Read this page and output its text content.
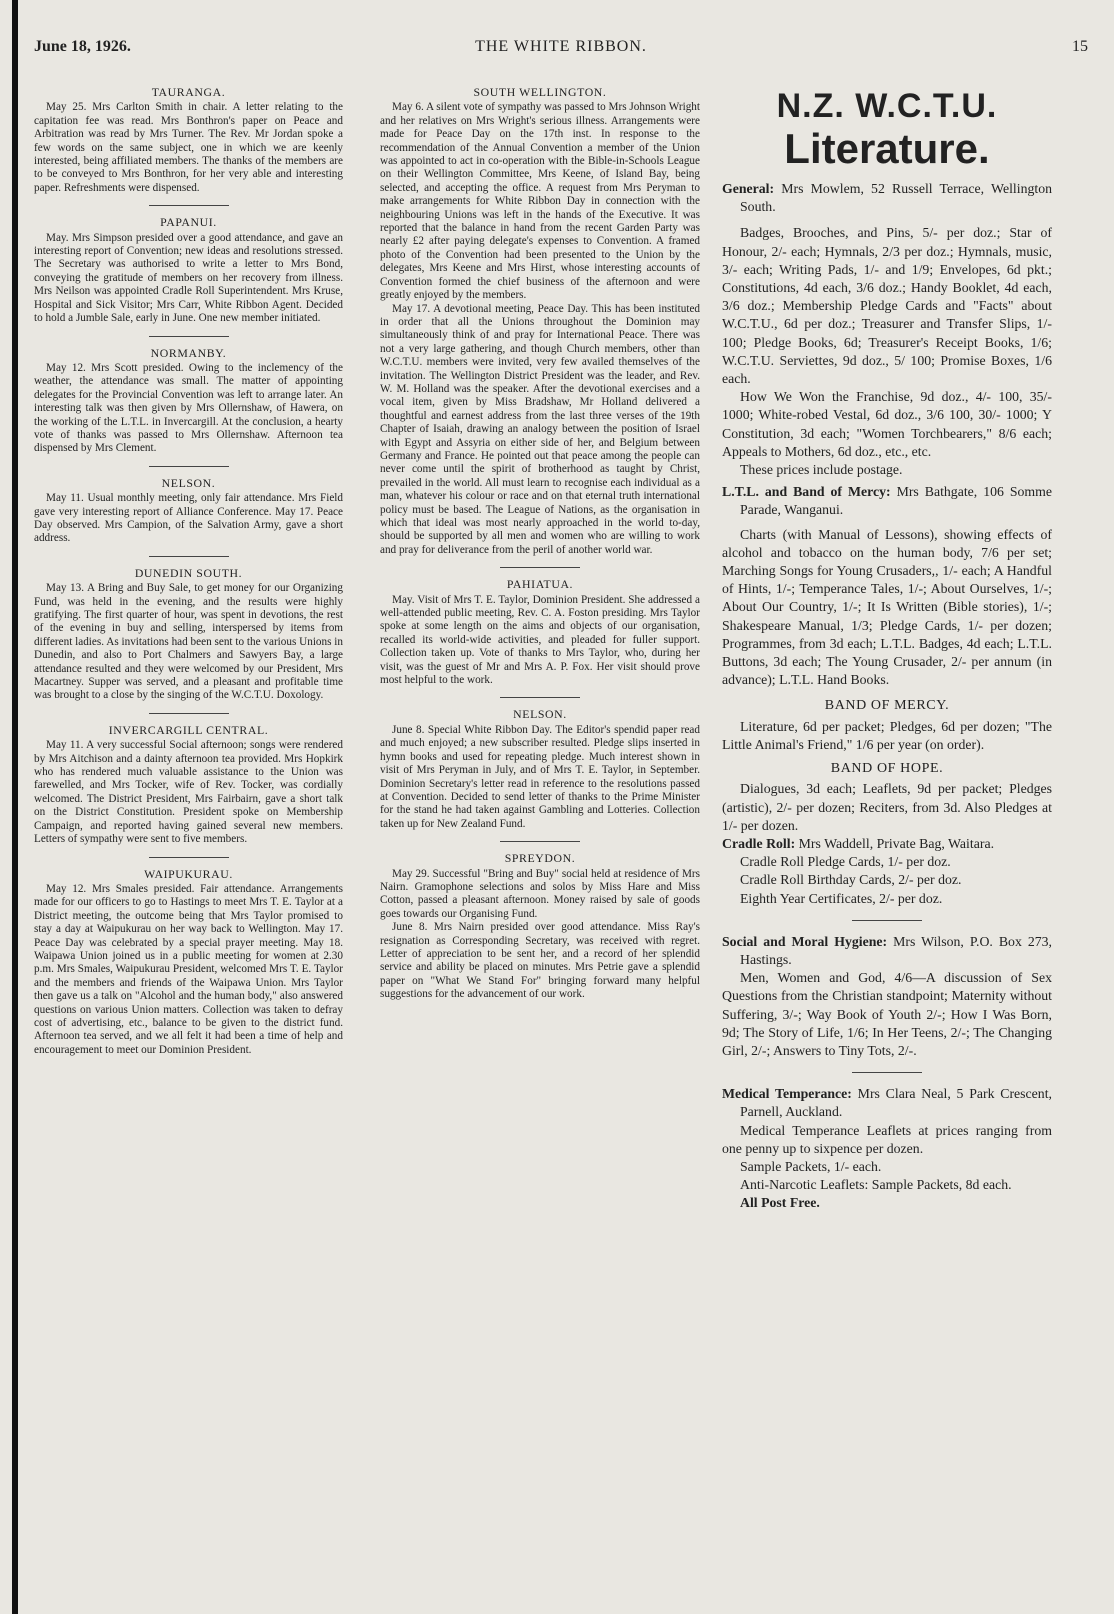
June 18, 1926.	THE WHITE RIBBON.	15
TAURANGA.

May 25. Mrs Carlton Smith in chair. A letter relating to the capitation fee was read. Mrs Bonthron's paper on Peace and Arbitration was read by Mrs Turner. The Rev. Mr Jordan spoke a few words on the same subject, one in which we are keenly interested, being affiliated members. The thanks of the members are to be conveyed to Mrs Bonthron, for her very able and interesting paper. Refreshments were dispensed.

PAPANUI.

May. Mrs Simpson presided over a good attendance, and gave an interesting report of Convention; new ideas and resolutions stressed. The Secretary was authorised to write a letter to Mrs Bond, conveying the gratitude of members on her recovery from illness. Mrs Neilson was appointed Cradle Roll Superintendent. Mrs Kruse, Hospital and Sick Visitor; Mrs Carr, White Ribbon Agent. Decided to hold a Jumble Sale, early in June. One new member initiated.

NORMANBY.

May 12. Mrs Scott presided. Owing to the inclemency of the weather, the attendance was small. The matter of appointing delegates for the Provincial Convention was left to arrange later. An interesting talk was then given by Mrs Ollernshaw, of Hawera, on the working of the L.T.L. in Invercargill. At the conclusion, a hearty vote of thanks was passed to Mrs Ollernshaw. Afternoon tea dispensed by Mrs Clement.

NELSON.

May 11. Usual monthly meeting, only fair attendance. Mrs Field gave very interesting report of Alliance Conference. May 17. Peace Day observed. Mrs Campion, of the Salvation Army, gave a short address.

DUNEDIN SOUTH.

May 13. A Bring and Buy Sale, to get money for our Organizing Fund, was held in the evening, and the results were highly gratifying. The first quarter of hour, was spent in devotions, the rest of the evening in buy and selling, interspersed by items from different ladies. As invitations had been sent to the various Unions in Dunedin, and also to Port Chalmers and Sawyers Bay, a large attendance resulted and they were welcomed by our President, Mrs Macartney. Supper was served, and a pleasant and profitable time was brought to a close by the singing of the W.C.T.U. Doxology.

INVERCARGILL CENTRAL.

May 11. A very successful Social afternoon; songs were rendered by Mrs Aitchison and a dainty afternoon tea provided. Mrs Hopkirk who has rendered much valuable assistance to the Union was farewelled, and Mrs Tocker, wife of Rev. Tocker, was cordially welcomed. The District President, Mrs Fairbairn, gave a short talk on the District Constitution. President spoke on Membership Campaign, and reported having gained several new members. Letters of sympathy were sent to five members.

WAIPUKURAU.

May 12. Mrs Smales presided. Fair attendance. Arrangements made for our officers to go to Hastings to meet Mrs T. E. Taylor at a District meeting, the outcome being that Mrs Taylor promised to stay a day at Waipukurau on her way back to Wellington. May 17. Peace Day was celebrated by a special prayer meeting. May 18. Waipawa Union joined us in a public meeting for women at 2.30 p.m. Mrs Smales, Waipukurau President, welcomed Mrs T. E. Taylor and the members and friends of the Waipawa Union. Mrs Taylor then gave us a talk on "Alcohol and the human body," also answered questions on various Union matters. Collection was taken to defray cost of advertising, etc., balance to be given to the district fund. Afternoon tea served, and we all felt it had been a time of help and encouragement to meet our Dominion President.

SOUTH WELLINGTON.

May 6. A silent vote of sympathy was passed to Mrs Johnson Wright and her relatives on Mrs Wright's serious illness. Arrangements were made for Peace Day on the 17th inst. In response to the recommendation of the Annual Convention a member of the Union was appointed to act in co-operation with the Bible-in-Schools League on their Wellington Committee, Mrs Keene, of Island Bay, being selected, and accepting the office. A request from Mrs Peryman to make arrangements for White Ribbon Day in connection with the neighbouring Unions was left in the hands of the Executive. It was reported that the balance in hand from the recent Garden Party was nearly £2 after paying delegate's expenses to Convention. A framed photo of the Convention had been presented to the Union by the delegates, Mrs Keene and Mrs Hirst, whose interesting accounts of Convention formed the chief business of the afternoon and were greatly enjoyed by the members.

May 17. A devotional meeting, Peace Day. This has been instituted in order that all the Unions throughout the Dominion may simultaneously think of and pray for International Peace. There was not a very large gathering, and though Church members, other than W.C.T.U. members were invited, very few availed themselves of the invitation. The Wellington District President was the leader, and Rev. W. M. Holland was the speaker. After the devotional exercises and a vocal item, given by Miss Bradshaw, Mr Holland delivered a thoughtful and earnest address from the last three verses of the 19th Chapter of Isaiah, drawing an analogy between the position of Israel with Egypt and Assyria on either side of her, and Belgium between Germany and France. He pointed out that peace among the people can never come until the spirit of brotherhood as taught by Christ, prevailed in the world. All must learn to recognise each individual as a man, whatever his colour or race and on that eternal truth international policy must be based. The League of Nations, as the organisation in which that ideal was most nearly approached in the world to-day, should be supported by all men and women who are willing to work and pray for deliverance from the peril of another world war.

PAHIATUA.

May. Visit of Mrs T. E. Taylor, Dominion President. She addressed a well-attended public meeting, Rev. C. A. Foston presiding. Mrs Taylor spoke at some length on the aims and objects of our organisation, recalled its world-wide activities, and pleaded for fuller support. Collection taken up. Vote of thanks to Mrs Taylor, who, during her visit, was the guest of Mr and Mrs A. P. Fox. Her visit should prove most helpful to the work.

NELSON.

June 8. Special White Ribbon Day. The Editor's spendid paper read and much enjoyed; a new subscriber resulted. Pledge slips inserted in hymn books and used for repeating pledge. Much interest shown in visit of Mrs Peryman in July, and of Mrs T. E. Taylor, in September. Dominion Secretary's letter read in reference to the resolutions passed at Convention. Decided to send letter of thanks to the Prime Minister for the stand he had taken against Gambling and Lotteries. Collection taken up for New Zealand Fund.

SPREYDON.

May 29. Successful "Bring and Buy" social held at residence of Mrs Nairn. Gramophone selections and solos by Miss Hare and Miss Cotton, passed a pleasant afternoon. Money raised by sale of goods goes towards our Organising Fund.

June 8. Mrs Nairn presided over good attendance. Miss Ray's resignation as Corresponding Secretary, was received with regret. Letter of appreciation to be sent her, and a record of her splendid service and ability be placed on minutes. Mrs Petrie gave a splendid paper on "What We Stand For" bringing forward many helpful suggestions for the advancement of our work.

N.Z. W.C.T.U.
Literature.

General: Mrs Mowlem, 52 Russell Terrace, Wellington South.

Badges, Brooches, and Pins, 5/- per doz.; Star of Honour, 2/- each; Hymnals, 2/3 per doz.; Hymnals, music, 3/- each; Writing Pads, 1/- and 1/9; Envelopes, 6d pkt.; Constitutions, 4d each, 3/6 doz.; Handy Booklet, 4d each, 3/6 doz.; Membership Pledge Cards and "Facts" about W.C.T.U., 6d per doz.; Treasurer and Transfer Slips, 1/- 100; Pledge Books, 6d; Treasurer's Receipt Books, 1/6; W.C.T.U. Serviettes, 9d doz., 5/ 100; Promise Boxes, 1/6 each.

How We Won the Franchise, 9d doz., 4/- 100, 35/- 1000; White-robed Vestal, 6d doz., 3/6 100, 30/- 1000; Y Constitution, 3d each; "Women Torchbearers," 8/6 each; Appeals to Mothers, 6d doz., etc., etc.

These prices include postage.

L.T.L. and Band of Mercy: Mrs Bathgate, 106 Somme Parade, Wanganui.

Charts (with Manual of Lessons), showing effects of alcohol and tobacco on the human body, 7/6 per set; Marching Songs for Young Crusaders,, 1/- each; A Handful of Hints, 1/-; Temperance Tales, 1/-; About Ourselves, 1/-; About Our Country, 1/-; It Is Written (Bible stories), 1/-; Shakespeare Manual, 1/3; Pledge Cards, 1/- per dozen; Programmes, from 3d each; L.T.L. Badges, 4d each; L.T.L. Buttons, 3d each; The Young Crusader, 2/- per annum (in advance); L.T.L. Hand Books.

BAND OF MERCY.

Literature, 6d per packet; Pledges, 6d per dozen; "The Little Animal's Friend," 1/6 per year (on order).

BAND OF HOPE.

Dialogues, 3d each; Leaflets, 9d per packet; Pledges (artistic), 2/- per dozen; Reciters, from 3d. Also Pledges at 1/- per dozen.

Cradle Roll: Mrs Waddell, Private Bag, Waitara.

Cradle Roll Pledge Cards, 1/- per doz.

Cradle Roll Birthday Cards, 2/- per doz.

Eighth Year Certificates, 2/- per doz.

Social and Moral Hygiene: Mrs Wilson, P.O. Box 273, Hastings.

Men, Women and God, 4/6—A discussion of Sex Questions from the Christian standpoint; Maternity without Suffering, 3/-; Way Book of Youth 2/-; How I Was Born, 9d; The Story of Life, 1/6; In Her Teens, 2/-; The Changing Girl, 2/-; Answers to Tiny Tots, 2/-.

Medical Temperance: Mrs Clara Neal, 5 Park Crescent, Parnell, Auckland.

Medical Temperance Leaflets at prices ranging from one penny up to sixpence per dozen.

Sample Packets, 1/- each.

Anti-Narcotic Leaflets: Sample Packets, 8d each.

All Post Free.
